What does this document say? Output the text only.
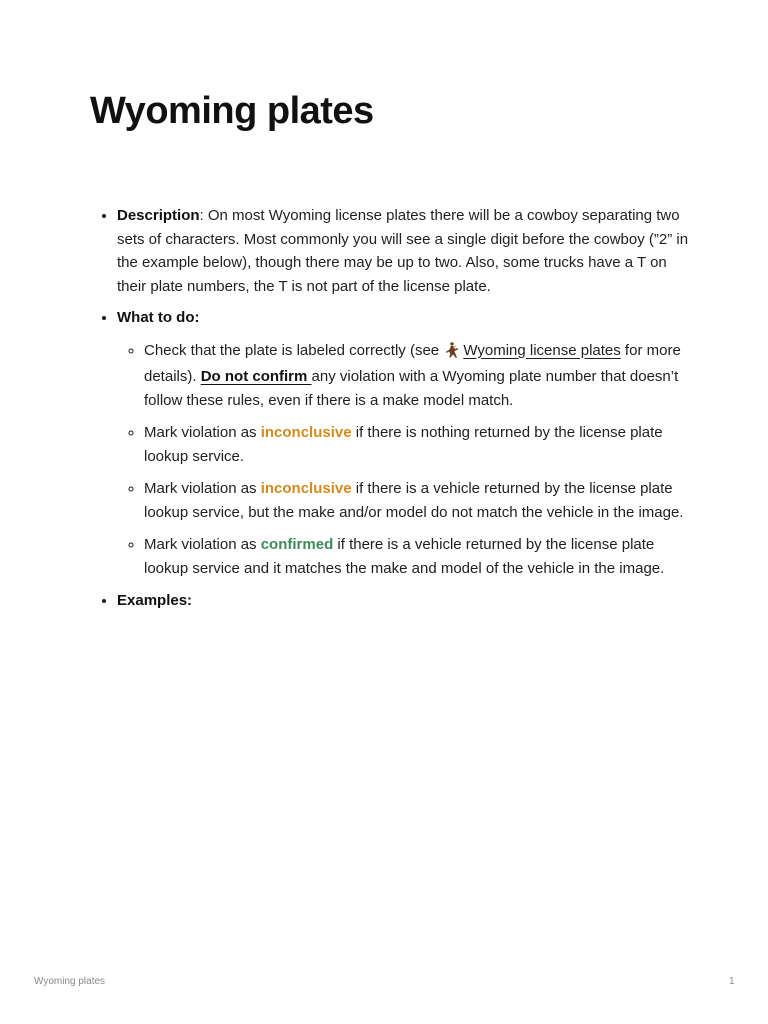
Wyoming plates
• Description: On most Wyoming license plates there will be a cowboy separating two sets of characters. Most commonly you will see a single digit before the cowboy (”2” in the example below), though there may be up to two. Also, some trucks have a T on their plate numbers, the T is not part of the license plate.
• What to do:
◦ Check that the plate is labeled correctly (see Wyoming license plates for more details). Do not confirm any violation with a Wyoming plate number that doesn’t follow these rules, even if there is a make model match.
◦ Mark violation as inconclusive if there is nothing returned by the license plate lookup service.
◦ Mark violation as inconclusive if there is a vehicle returned by the license plate lookup service, but the make and/or model do not match the vehicle in the image.
◦ Mark violation as confirmed if there is a vehicle returned by the license plate lookup service and it matches the make and model of the vehicle in the image.
• Examples:
Wyoming plates	1
